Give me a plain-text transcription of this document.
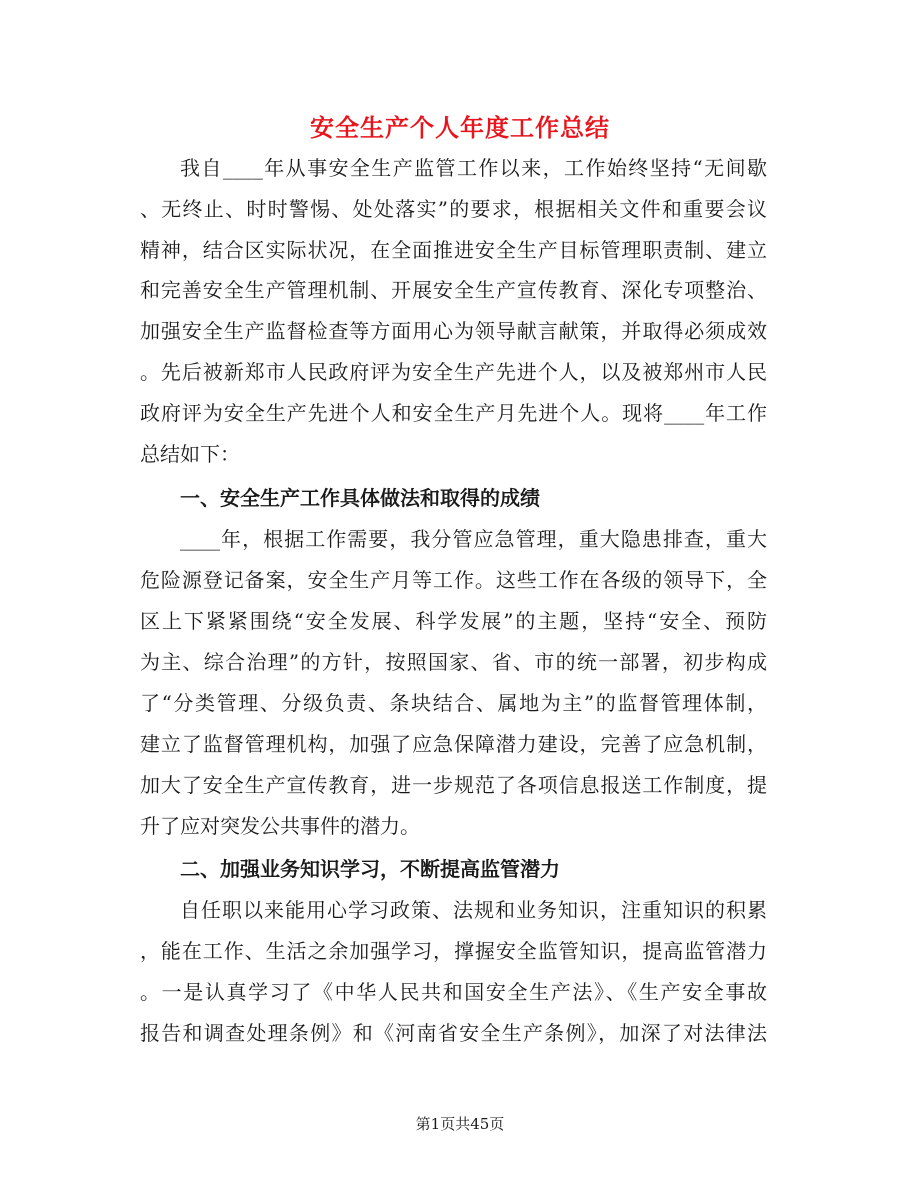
安全生产个人年度工作总结
我自____年从事安全生产监管工作以来，工作始终坚持“无间歇
、无终止、时时警惕、处处落实”的要求，根据相关文件和重要会议
精神，结合区实际状况，在全面推进安全生产目标管理职责制、建立
和完善安全生产管理机制、开展安全生产宣传教育、深化专项整治、
加强安全生产监督检查等方面用心为领导献言献策，并取得必须成效
。先后被新郑市人民政府评为安全生产先进个人，以及被郑州市人民
政府评为安全生产先进个人和安全生产月先进个人。现将____年工作
总结如下：
一、安全生产工作具体做法和取得的成绩
____年，根据工作需要，我分管应急管理，重大隐患排查，重大
危险源登记备案，安全生产月等工作。这些工作在各级的领导下，全
区上下紧紧围绕“安全发展、科学发展”的主题，坚持“安全、预防
为主、综合治理”的方针，按照国家、省、市的统一部署，初步构成
了“分类管理、分级负责、条块结合、属地为主”的监督管理体制，
建立了监督管理机构，加强了应急保障潜力建设，完善了应急机制，
加大了安全生产宣传教育，进一步规范了各项信息报送工作制度，提
升了应对突发公共事件的潜力。
二、加强业务知识学习，不断提高监管潜力
自任职以来能用心学习政策、法规和业务知识，注重知识的积累
，能在工作、生活之余加强学习，撑握安全监管知识，提高监管潜力
。一是认真学习了《中华人民共和国安全生产法》、《生产安全事故
报告和调查处理条例》和《河南省安全生产条例》，加深了对法律法
第1页共45页
